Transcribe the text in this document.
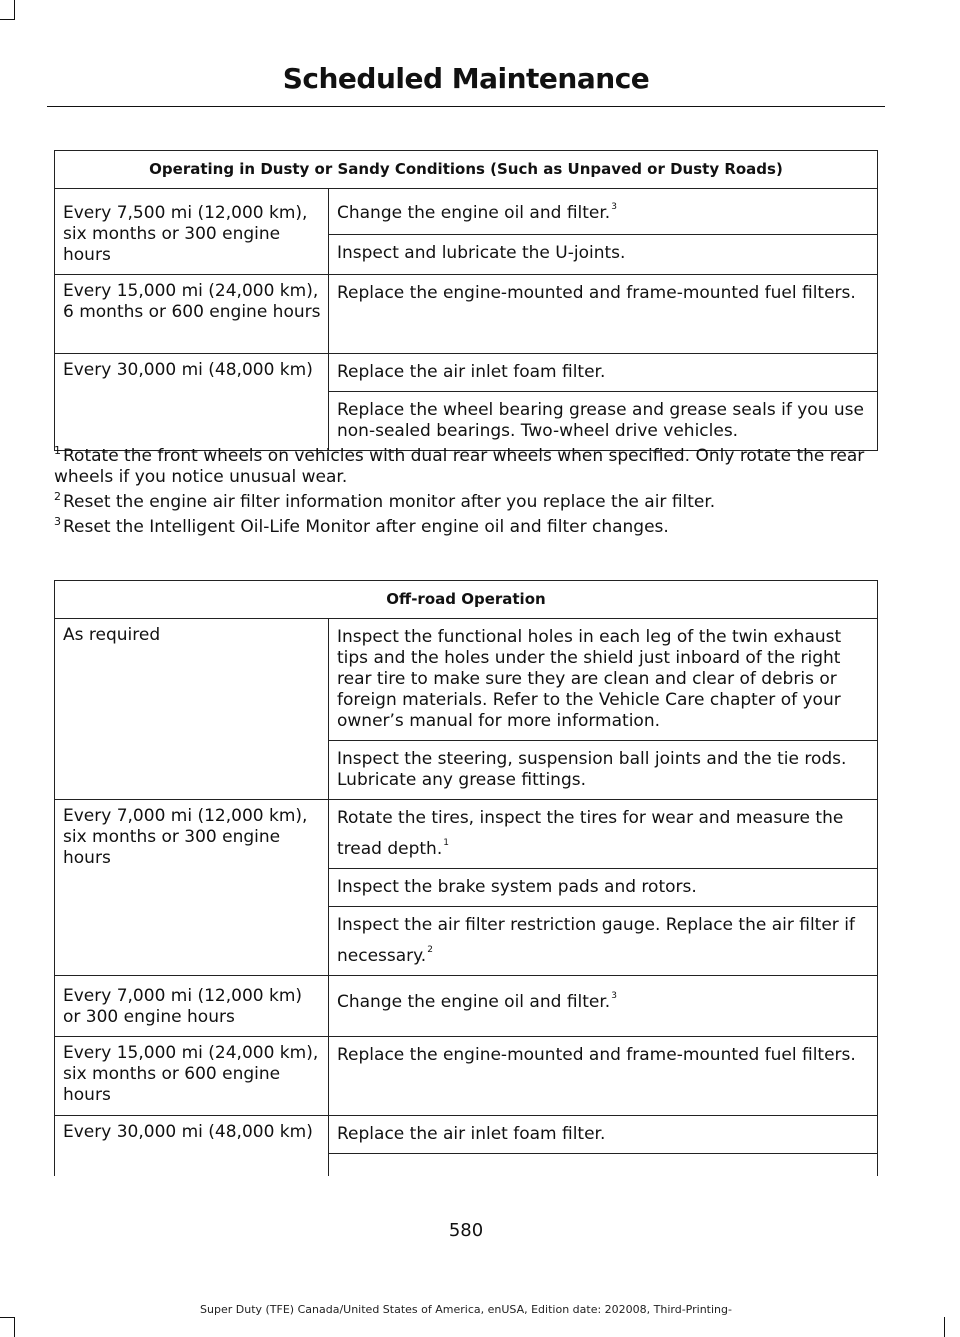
Scheduled Maintenance
Operating in Dusty or Sandy Conditions (Such as Unpaved or Dusty Roads)	
Every 7,500 mi (12,000 km), six months or 300 engine hours	Change the engine oil and filter.$^3$
	Inspect and lubricate the U-joints.
Every 15,000 mi (24,000 km), 6 months or 600 engine hours	Replace the engine-mounted and frame-mounted fuel filters.
Every 30,000 mi (48,000 km)	Replace the air inlet foam filter.
	Replace the wheel bearing grease and grease seals if you use non-sealed bearings. Two-wheel drive vehicles.

$^1$ Rotate the front wheels on vehicles with dual rear wheels when specified. Only rotate the rear wheels if you notice unusual wear.

$^2$ Reset the engine air filter information monitor after you replace the air filter.

$^3$ Reset the Intelligent Oil-Life Monitor after engine oil and filter changes.

Off-road Operation	
As required	Inspect the functional holes in each leg of the twin exhaust tips and the holes under the shield just inboard of the right rear tire to make sure they are clean and clear of debris or foreign materials. Refer to the Vehicle Care chapter of your owner’s manual for more information.
	Inspect the steering, suspension ball joints and the tie rods. Lubricate any grease fittings.
Every 7,000 mi (12,000 km), six months or 300 engine hours	Rotate the tires, inspect the tires for wear and measure the tread depth.$^1$
	Inspect the brake system pads and rotors.
	Inspect the air filter restriction gauge. Replace the air filter if necessary.$^2$
Every 7,000 mi (12,000 km) or 300 engine hours	Change the engine oil and filter.$^3$
Every 15,000 mi (24,000 km), six months or 600 engine hours	Replace the engine-mounted and frame-mounted fuel filters.
Every 30,000 mi (48,000 km)	Replace the air inlet foam filter.

580
Super Duty (TFE) Canada/United States of America, enUSA, Edition date: 202008, Third-Printing-
